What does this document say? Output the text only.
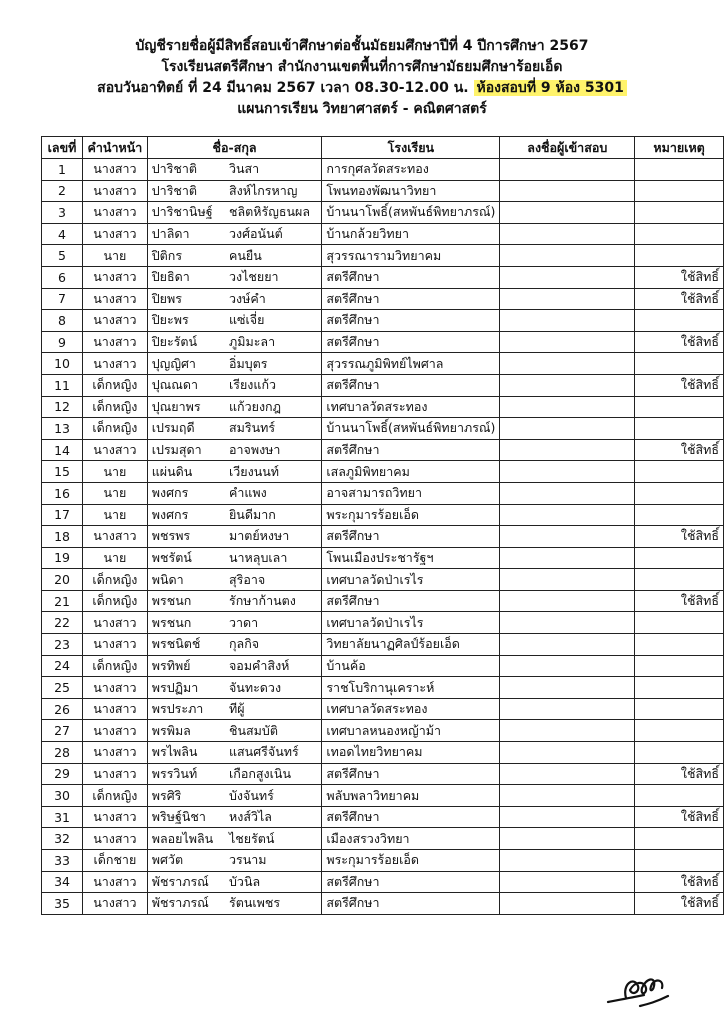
บัญชีรายชื่อผู้มีสิทธิ์สอบเข้าศึกษาต่อชั้นมัธยมศึกษาปีที่ 4 ปีการศึกษา 2567
โรงเรียนสตรีศึกษา สำนักงานเขตพื้นที่การศึกษามัธยมศึกษาร้อยเอ็ด
สอบวันอาทิตย์ ที่ 24 มีนาคม 2567 เวลา 08.30-12.00 น. ห้องสอบที่ 9 ห้อง 5301
แผนการเรียน วิทยาศาสตร์ - คณิตศาสตร์
เลขที่	คำนำหน้า	ชื่อ-สกุล		โรงเรียน	ลงชื่อผู้เข้าสอบ	หมายเหตุ
1	นางสาว	ปาริชาติ	วินสา	การกุศลวัดสระทอง		
2	นางสาว	ปาริชาติ	สิงห์ไกรหาญ	โพนทองพัฒนาวิทยา		
3	นางสาว	ปาริชานิษฐ์	ชลิตหิรัญธนผล	บ้านนาโพธิ์(สหพันธ์พิทยาภรณ์)		
4	นางสาว	ปาลิดา	วงศ์อนันต์	บ้านกล้วยวิทยา		
5	นาย	ปิติกร	คนยืน	สุวรรณารามวิทยาคม		
6	นางสาว	ปิยธิดา	วงไชยยา	สตรีศึกษา		ใช้สิทธิ์
7	นางสาว	ปิยพร	วงษ์คำ	สตรีศึกษา		ใช้สิทธิ์
8	นางสาว	ปิยะพร	แซ่เจี่ย	สตรีศึกษา		
9	นางสาว	ปิยะรัตน์	ภูมิมะลา	สตรีศึกษา		ใช้สิทธิ์
10	นางสาว	ปุญญิศา	อิ่มบุตร	สุวรรณภูมิพิทย์ไพศาล		
11	เด็กหญิง	ปุณณดา	เรียงแก้ว	สตรีศึกษา		ใช้สิทธิ์
12	เด็กหญิง	ปุณยาพร	แก้วยงกฎ	เทศบาลวัดสระทอง		
13	เด็กหญิง	เปรมฤดี	สมรินทร์	บ้านนาโพธิ์(สหพันธ์พิทยาภรณ์)		
14	นางสาว	เปรมสุดา	อาจพงษา	สตรีศึกษา		ใช้สิทธิ์
15	นาย	แผ่นดิน	เวียงนนท์	เสลภูมิพิทยาคม		
16	นาย	พงศกร	คำแพง	อาจสามารถวิทยา		
17	นาย	พงศกร	ยินดีมาก	พระกุมารร้อยเอ็ด		
18	นางสาว	พชรพร	มาตย์หงษา	สตรีศึกษา		ใช้สิทธิ์
19	นาย	พชรัตน์	นาหลุบเลา	โพนเมืองประชารัฐฯ		
20	เด็กหญิง	พนิดา	สุริอาจ	เทศบาลวัดป่าเรไร		
21	เด็กหญิง	พรชนก	รักษาก้านตง	สตรีศึกษา		ใช้สิทธิ์
22	นางสาว	พรชนก	วาดา	เทศบาลวัดป่าเรไร		
23	นางสาว	พรชนิตช์	กุลกิจ	วิทยาลัยนาฏศิลป์ร้อยเอ็ด		
24	เด็กหญิง	พรทิพย์	จอมคำสิงห์	บ้านค้อ		
25	นางสาว	พรปฏิมา	จันทะดวง	ราชโบริกานุเคราะห์		
26	นางสาว	พรประภา	ทีผู้	เทศบาลวัดสระทอง		
27	นางสาว	พรพิมล	ชินสมบัติ	เทศบาลหนองหญ้าม้า		
28	นางสาว	พรไพลิน	แสนศรีจันทร์	เทอดไทยวิทยาคม		
29	นางสาว	พรรวินท์	เกือกสูงเนิน	สตรีศึกษา		ใช้สิทธิ์
30	เด็กหญิง	พรศิริ	บังจันทร์	พลับพลาวิทยาคม		
31	นางสาว	พริษฐ์นิชา	หงส์วิไล	สตรีศึกษา		ใช้สิทธิ์
32	นางสาว	พลอยไพลิน	ไชยรัตน์	เมืองสรวงวิทยา		
33	เด็กชาย	พศวัต	วรนาม	พระกุมารร้อยเอ็ด		
34	นางสาว	พัชราภรณ์	บัวนิล	สตรีศึกษา		ใช้สิทธิ์
35	นางสาว	พัชราภรณ์	รัตนเพชร	สตรีศึกษา		ใช้สิทธิ์
